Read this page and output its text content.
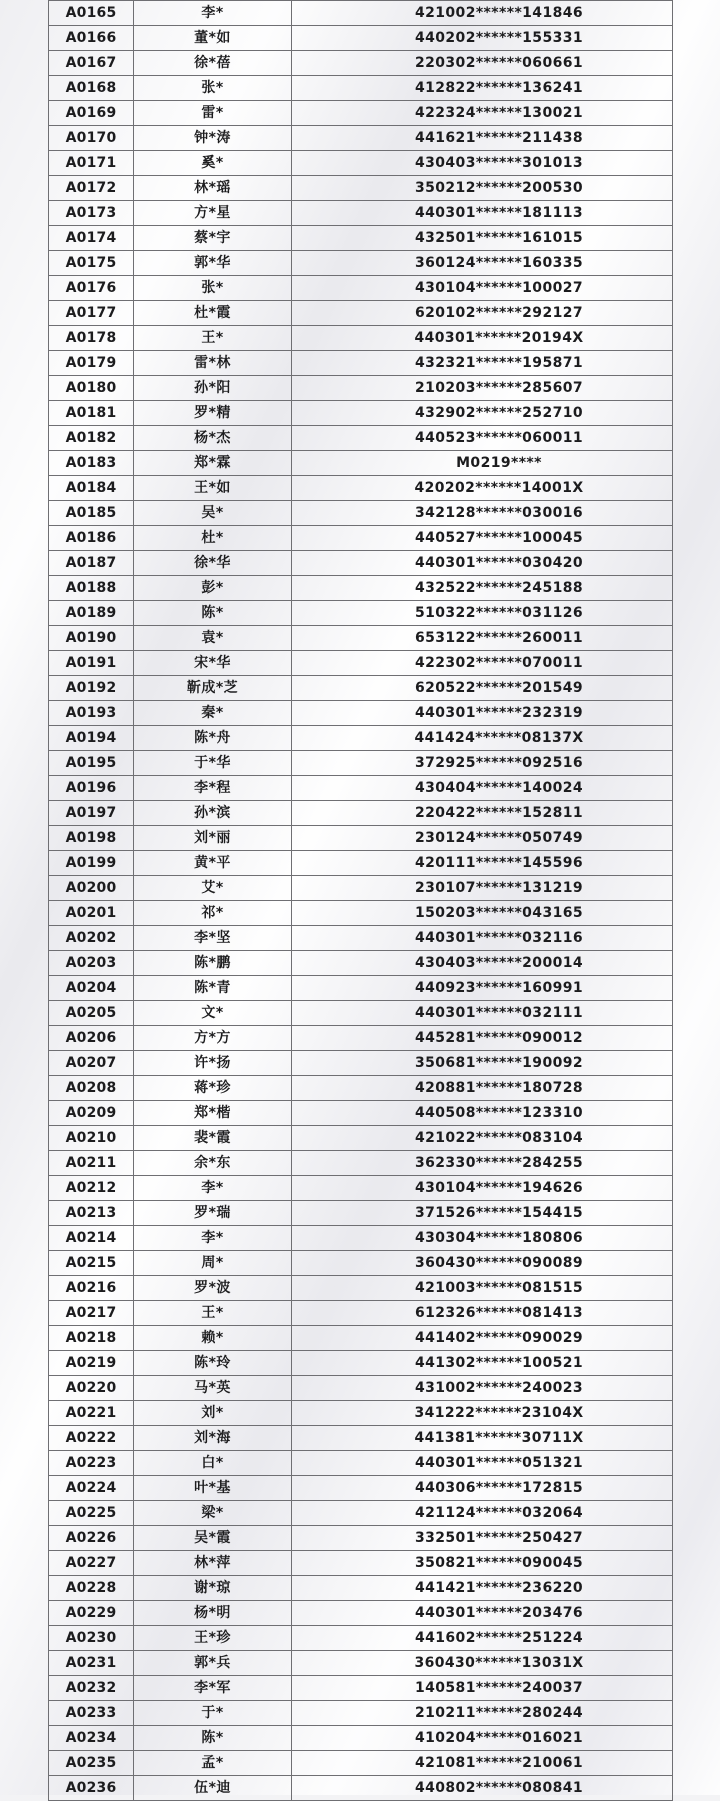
A0165	李*	421002******141846
A0166	董*如	440202******155331
A0167	徐*蓓	220302******060661
A0168	张*	412822******136241
A0169	雷*	422324******130021
A0170	钟*涛	441621******211438
A0171	奚*	430403******301013
A0172	林*瑶	350212******200530
A0173	方*星	440301******181113
A0174	蔡*宇	432501******161015
A0175	郭*华	360124******160335
A0176	张*	430104******100027
A0177	杜*霞	620102******292127
A0178	王*	440301******20194X
A0179	雷*林	432321******195871
A0180	孙*阳	210203******285607
A0181	罗*精	432902******252710
A0182	杨*杰	440523******060011
A0183	郑*霖	M0219****
A0184	王*如	420202******14001X
A0185	吴*	342128******030016
A0186	杜*	440527******100045
A0187	徐*华	440301******030420
A0188	彭*	432522******245188
A0189	陈*	510322******031126
A0190	袁*	653122******260011
A0191	宋*华	422302******070011
A0192	靳成*芝	620522******201549
A0193	秦*	440301******232319
A0194	陈*舟	441424******08137X
A0195	于*华	372925******092516
A0196	李*程	430404******140024
A0197	孙*滨	220422******152811
A0198	刘*丽	230124******050749
A0199	黄*平	420111******145596
A0200	艾*	230107******131219
A0201	祁*	150203******043165
A0202	李*坚	440301******032116
A0203	陈*鹏	430403******200014
A0204	陈*青	440923******160991
A0205	文*	440301******032111
A0206	方*方	445281******090012
A0207	许*扬	350681******190092
A0208	蒋*珍	420881******180728
A0209	郑*楷	440508******123310
A0210	裴*霞	421022******083104
A0211	余*东	362330******284255
A0212	李*	430104******194626
A0213	罗*瑞	371526******154415
A0214	李*	430304******180806
A0215	周*	360430******090089
A0216	罗*波	421003******081515
A0217	王*	612326******081413
A0218	赖*	441402******090029
A0219	陈*玲	441302******100521
A0220	马*英	431002******240023
A0221	刘*	341222******23104X
A0222	刘*海	441381******30711X
A0223	白*	440301******051321
A0224	叶*基	440306******172815
A0225	梁*	421124******032064
A0226	吴*霞	332501******250427
A0227	林*萍	350821******090045
A0228	谢*琼	441421******236220
A0229	杨*明	440301******203476
A0230	王*珍	441602******251224
A0231	郭*兵	360430******13031X
A0232	李*军	140581******240037
A0233	于*	210211******280244
A0234	陈*	410204******016021
A0235	孟*	421081******210061
A0236	伍*迪	440802******080841
